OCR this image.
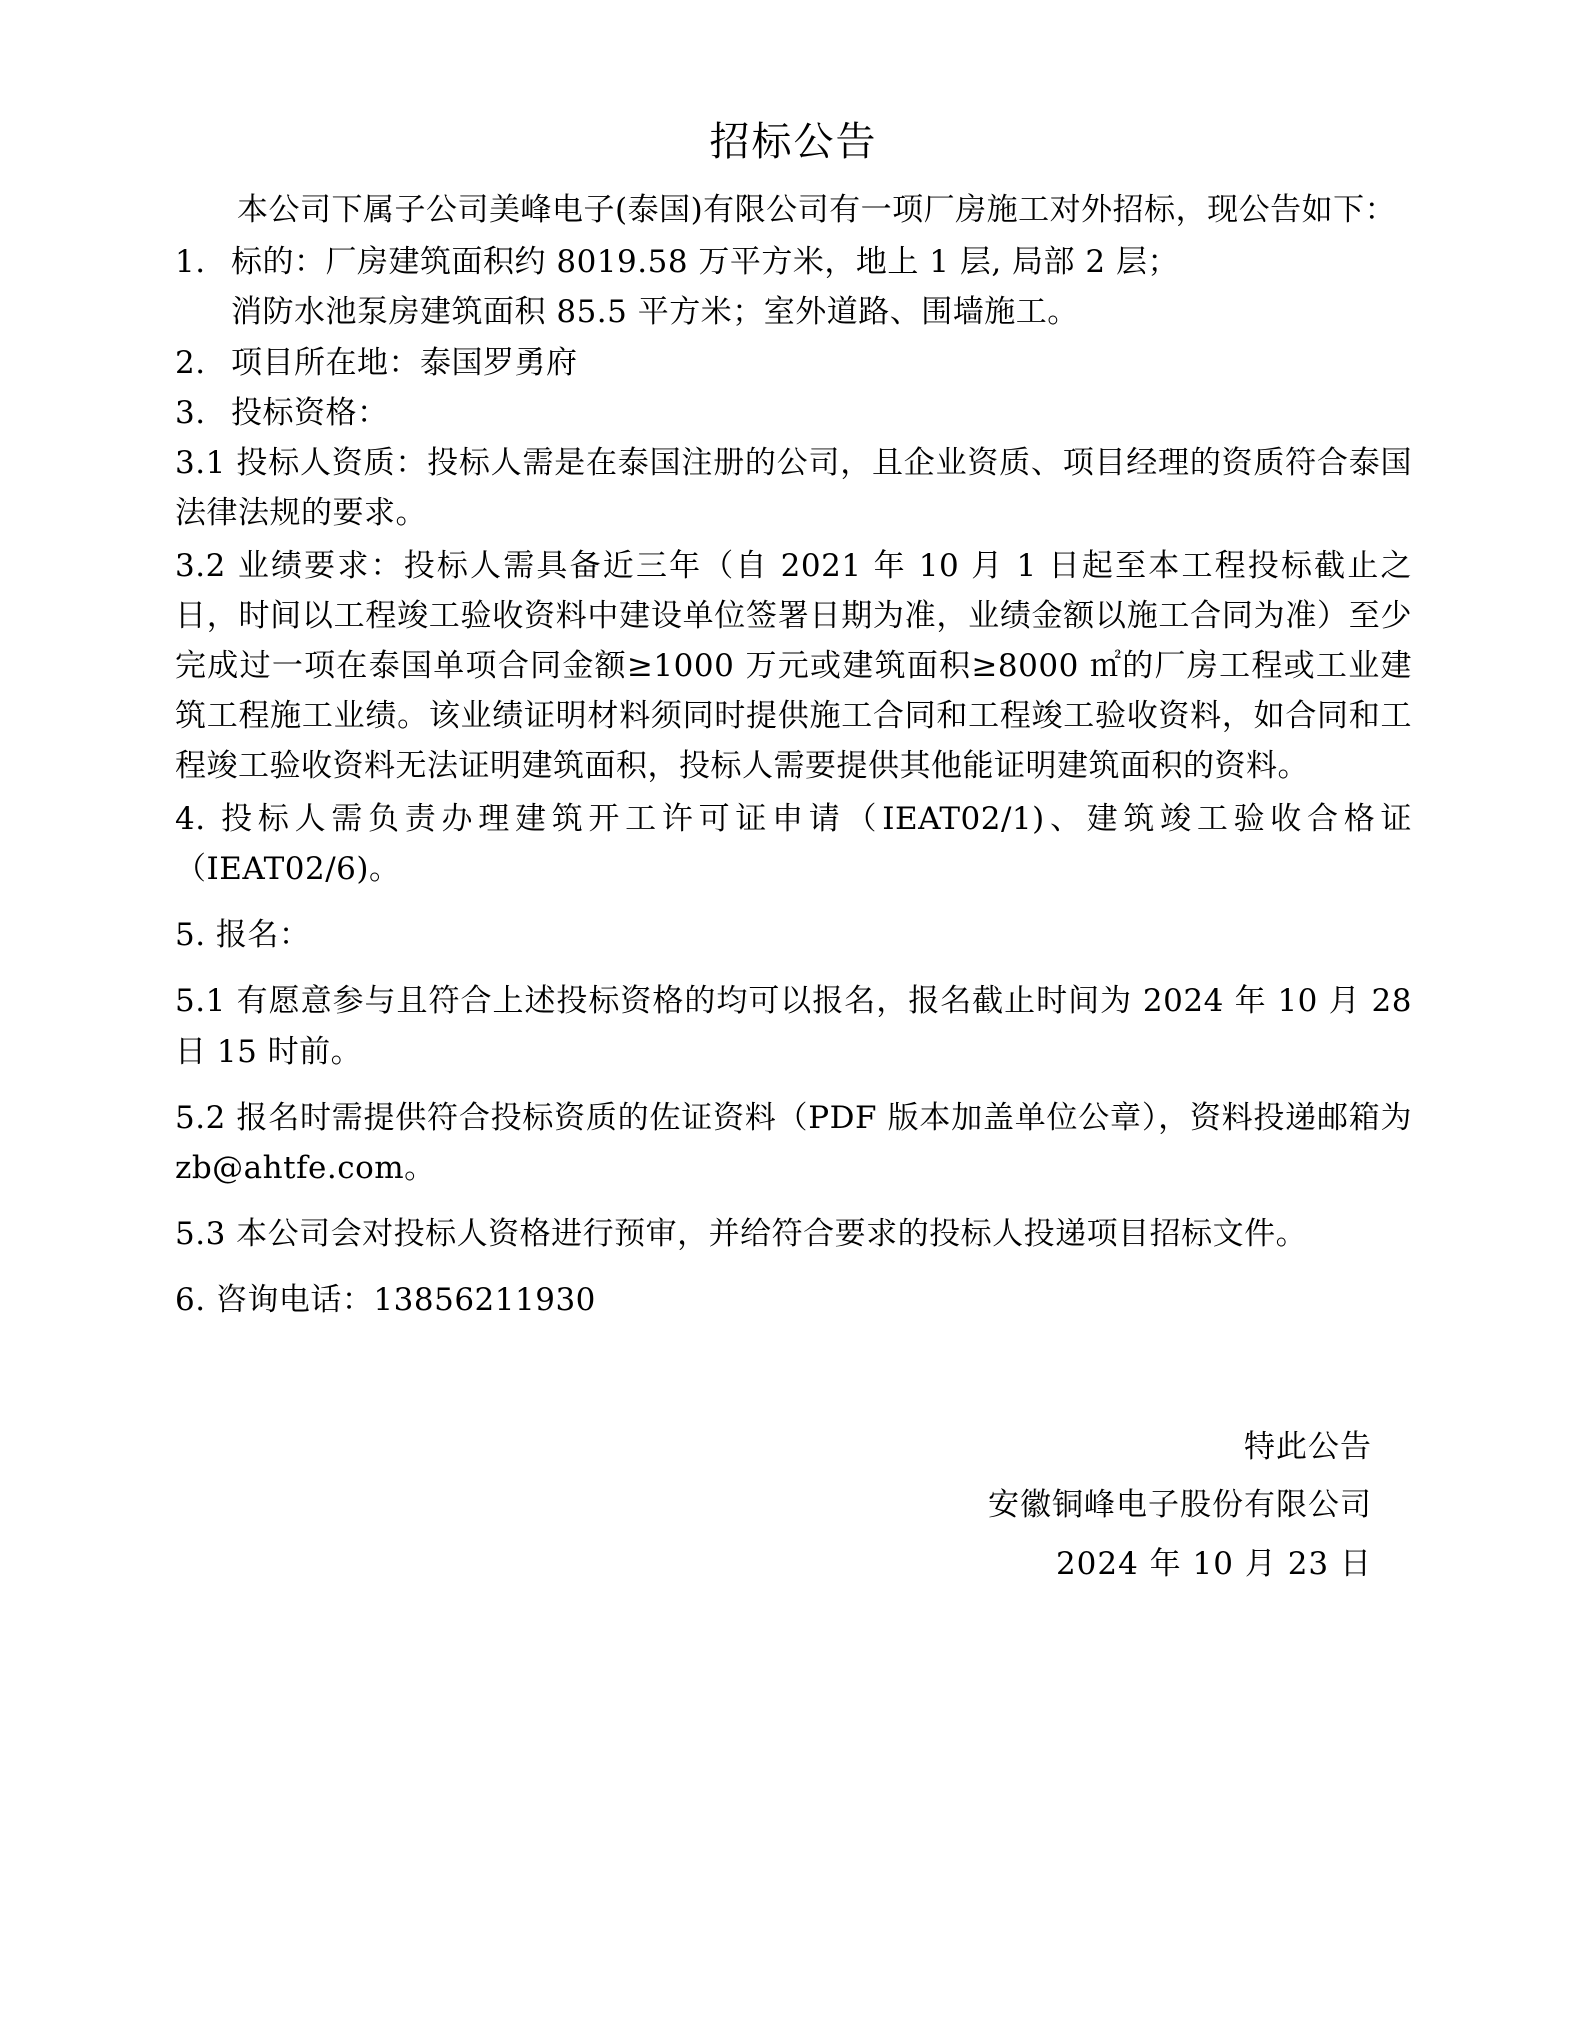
招标公告

本公司下属子公司美峰电子(泰国)有限公司有一项厂房施工对外招标，现公告如下：

1. 标的：厂房建筑面积约 8019.58 万平方米，地上 1 层, 局部 2 层；
消防水池泵房建筑面积 85.5 平方米；室外道路、围墙施工。
2. 项目所在地：泰国罗勇府
3. 投标资格：

3.1 投标人资质：投标人需是在泰国注册的公司，且企业资质、项目经理的资质符合泰国法律法规的要求。

3.2 业绩要求：投标人需具备近三年（自 2021 年 10 月 1 日起至本工程投标截止之日，时间以工程竣工验收资料中建设单位签署日期为准，业绩金额以施工合同为准）至少完成过一项在泰国单项合同金额≥1000 万元或建筑面积≥8000 ㎡的厂房工程或工业建筑工程施工业绩。该业绩证明材料须同时提供施工合同和工程竣工验收资料，如合同和工程竣工验收资料无法证明建筑面积，投标人需要提供其他能证明建筑面积的资料。

4. 投标人需负责办理建筑开工许可证申请（IEAT02/1)、建筑竣工验收合格证（IEAT02/6)。

5. 报名：

5.1 有愿意参与且符合上述投标资格的均可以报名，报名截止时间为 2024 年 10 月 28 日 15 时前。

5.2 报名时需提供符合投标资质的佐证资料（PDF 版本加盖单位公章），资料投递邮箱为 zb@ahtfe.com。

5.3 本公司会对投标人资格进行预审，并给符合要求的投标人投递项目招标文件。

6. 咨询电话：13856211930

特此公告
安徽铜峰电子股份有限公司
2024 年 10 月 23 日
